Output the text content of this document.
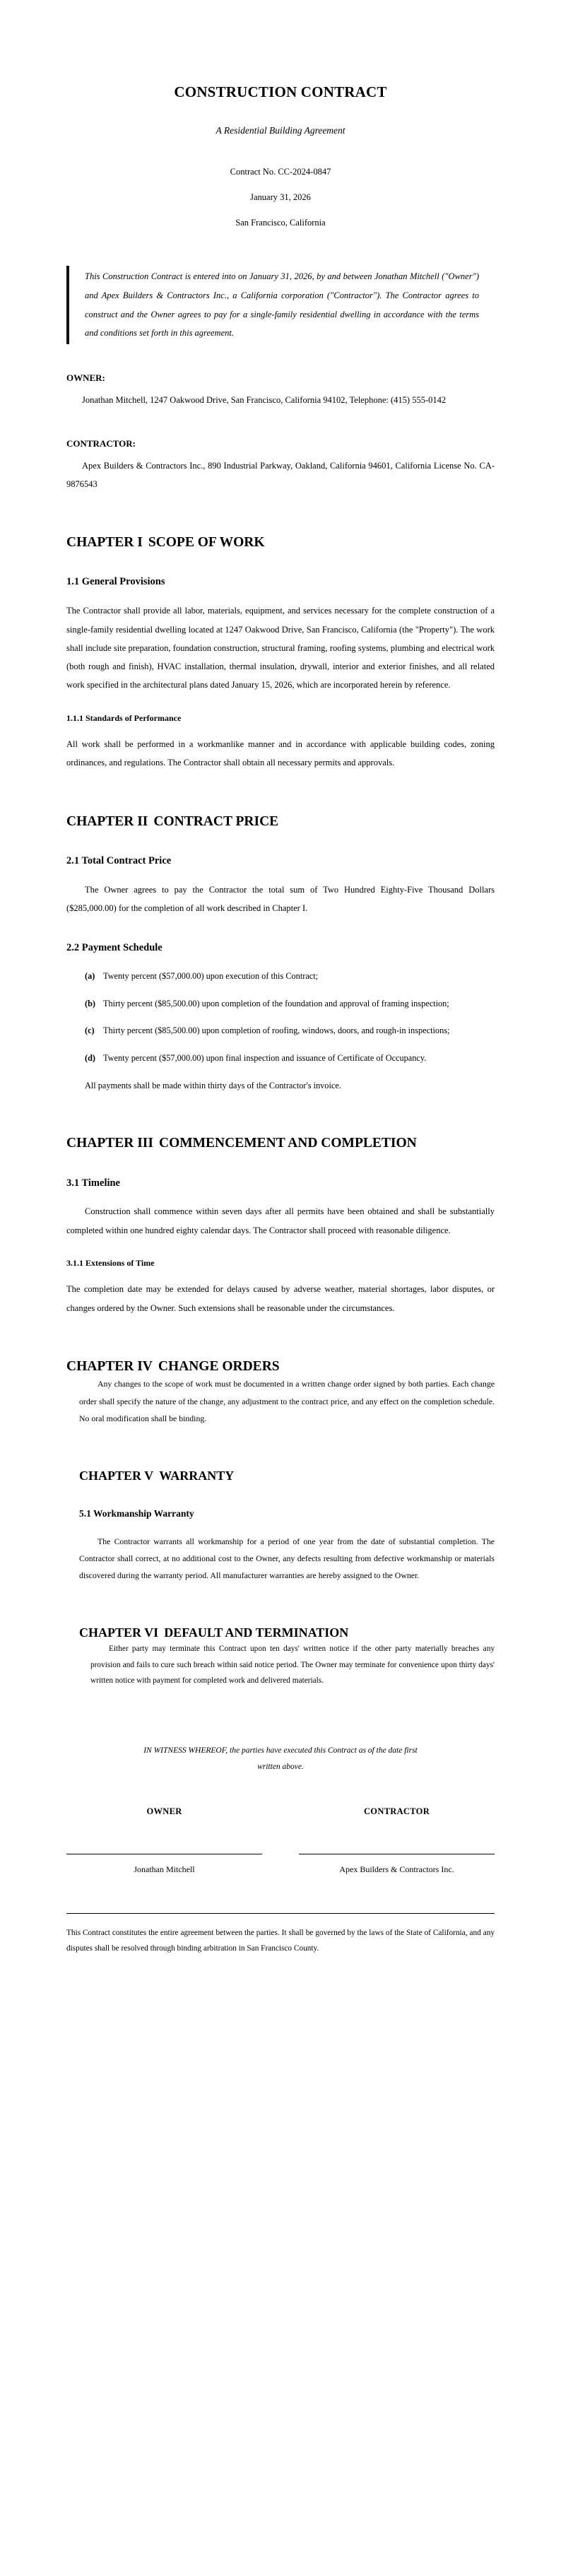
CONSTRUCTION CONTRACT
A Residential Building Agreement
Contract No. CC-2024-0847
January 31, 2026
San Francisco, California
This Construction Contract is entered into on January 31, 2026, by and between Jonathan Mitchell ("Owner") and Apex Builders & Contractors Inc., a California corporation ("Contractor"). The Contractor agrees to construct and the Owner agrees to pay for a single-family residential dwelling in accordance with the terms and conditions set forth in this agreement.
OWNER:

Jonathan Mitchell, 1247 Oakwood Drive, San Francisco, California 94102, Telephone: (415) 555-0142

CONTRACTOR:

Apex Builders & Contractors Inc., 890 Industrial Parkway, Oakland, California 94601, California License No. CA-9876543

CHAPTER I SCOPE OF WORK
1.1 General Provisions

The Contractor shall provide all labor, materials, equipment, and services necessary for the complete construction of a single-family residential dwelling located at 1247 Oakwood Drive, San Francisco, California (the "Property"). The work shall include site preparation, foundation construction, structural framing, roofing systems, plumbing and electrical work (both rough and finish), HVAC installation, thermal insulation, drywall, interior and exterior finishes, and all related work specified in the architectural plans dated January 15, 2026, which are incorporated herein by reference.

1.1.1 Standards of Performance

All work shall be performed in a workmanlike manner and in accordance with applicable building codes, zoning ordinances, and regulations. The Contractor shall obtain all necessary permits and approvals.

CHAPTER II CONTRACT PRICE
2.1 Total Contract Price

The Owner agrees to pay the Contractor the total sum of Two Hundred Eighty-Five Thousand Dollars ($285,000.00) for the completion of all work described in Chapter I.

2.2 Payment Schedule
(a) Twenty percent ($57,000.00) upon execution of this Contract;
(b) Thirty percent ($85,500.00) upon completion of the foundation and approval of framing inspection;
(c)	Thirty percent ($85,500.00) upon completion of roofing, windows, doors, and rough-in inspections;
(d) Twenty percent ($57,000.00) upon final inspection and issuance of Certificate of Occupancy.

All payments shall be made within thirty days of the Contractor's invoice.

CHAPTER III COMMENCEMENT AND COMPLETION
3.1 Timeline

Construction shall commence within seven days after all permits have been obtained and shall be substantially completed within one hundred eighty calendar days. The Contractor shall proceed with reasonable diligence.

3.1.1 Extensions of Time

The completion date may be extended for delays caused by adverse weather, material shortages, labor disputes, or changes ordered by the Owner. Such extensions shall be reasonable under the circumstances.

CHAPTER IV CHANGE ORDERS

Any changes to the scope of work must be documented in a written change order signed by both parties. Each change order shall specify the nature of the change, any adjustment to the contract price, and any effect on the completion schedule. No oral modification shall be binding.

CHAPTER V WARRANTY
5.1 Workmanship Warranty

The Contractor warrants all workmanship for a period of one year from the date of substantial completion. The Contractor shall correct, at no additional cost to the Owner, any defects resulting from defective workmanship or materials discovered during the warranty period. All manufacturer warranties are hereby assigned to the Owner.

CHAPTER VI DEFAULT AND TERMINATION

Either party may terminate this Contract upon ten days' written notice if the other party materially breaches any provision and fails to cure such breach within said notice period. The Owner may terminate for convenience upon thirty days' written notice with payment for completed work and delivered materials.

IN WITNESS WHEREOF, the parties have executed this Contract as of the date first written above.
OWNER
Jonathan Mitchell
CONTRACTOR
Apex Builders & Contractors Inc.

This Contract constitutes the entire agreement between the parties. It shall be governed by the laws of the State of California, and any disputes shall be resolved through binding arbitration in San Francisco County.
